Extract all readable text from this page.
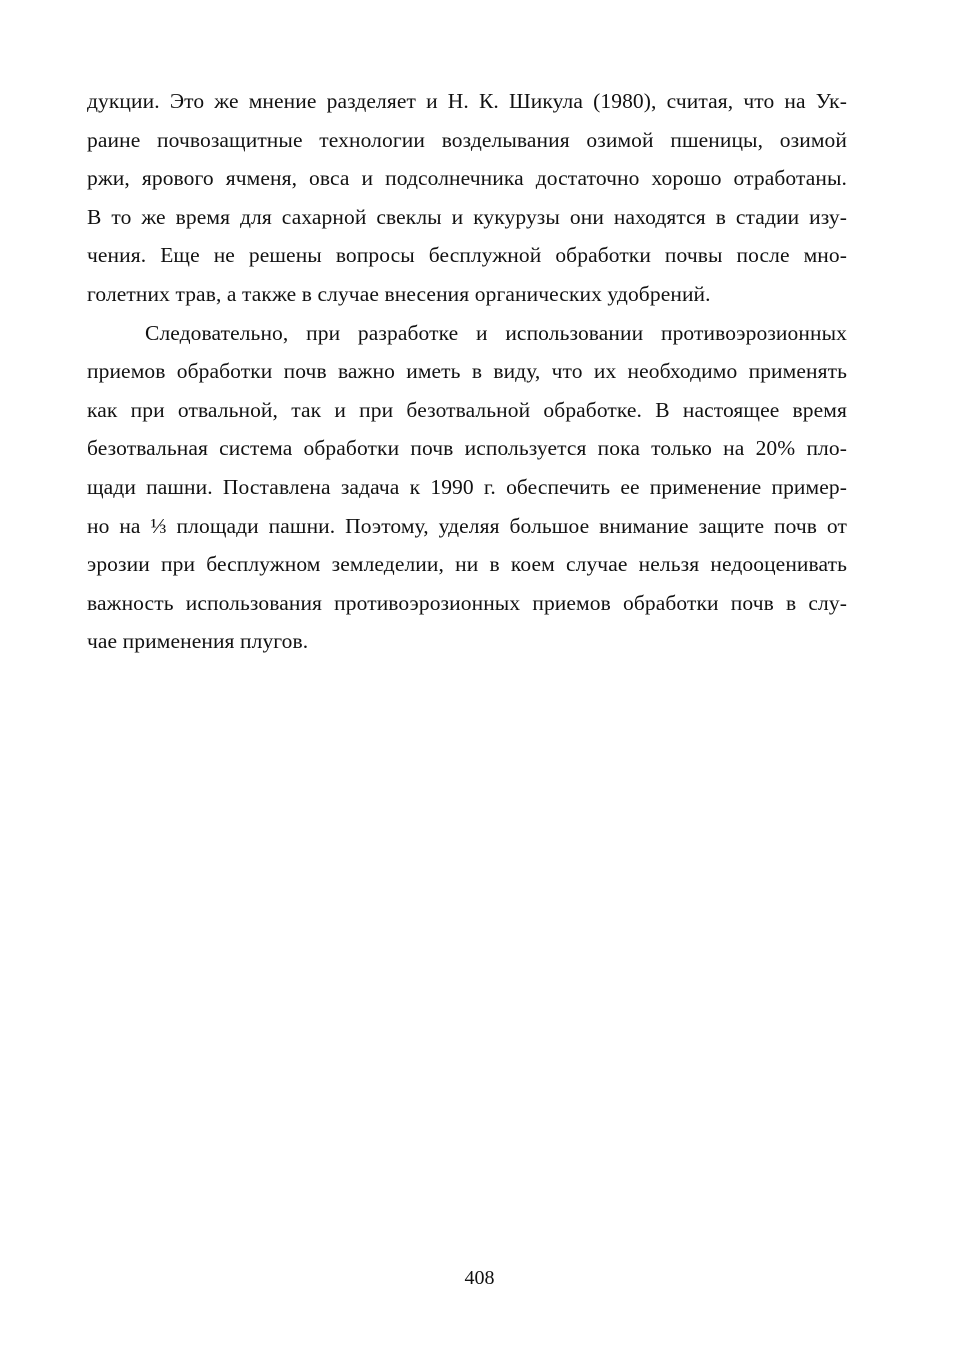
дукции. Это же мнение разделяет и Н. К. Шикула (1980), считая, что на Ук-
раине почвозащитные технологии возделывания озимой пшеницы, озимой
ржи, ярового ячменя, овса и подсолнечника достаточно хорошо отработаны.
В то же время для сахарной свеклы и кукурузы они находятся в стадии изу-
чения. Еще не решены вопросы бесплужной обработки почвы после мно-
голетних трав, а также в случае внесения органических удобрений.
Следовательно, при разработке и использовании противоэрозионных
приемов обработки почв важно иметь в виду, что их необходимо применять
как при отвальной, так и при безотвальной обработке. В настоящее время
безотвальная система обработки почв используется пока только на 20% пло-
щади пашни. Поставлена задача к 1990 г. обеспечить ее применение пример-
но на ⅓ площади пашни. Поэтому, уделяя большое внимание защите почв от
эрозии при бесплужном земледелии, ни в коем случае нельзя недооценивать
важность использования противоэрозионных приемов обработки почв в слу-
чае применения плугов.
408
